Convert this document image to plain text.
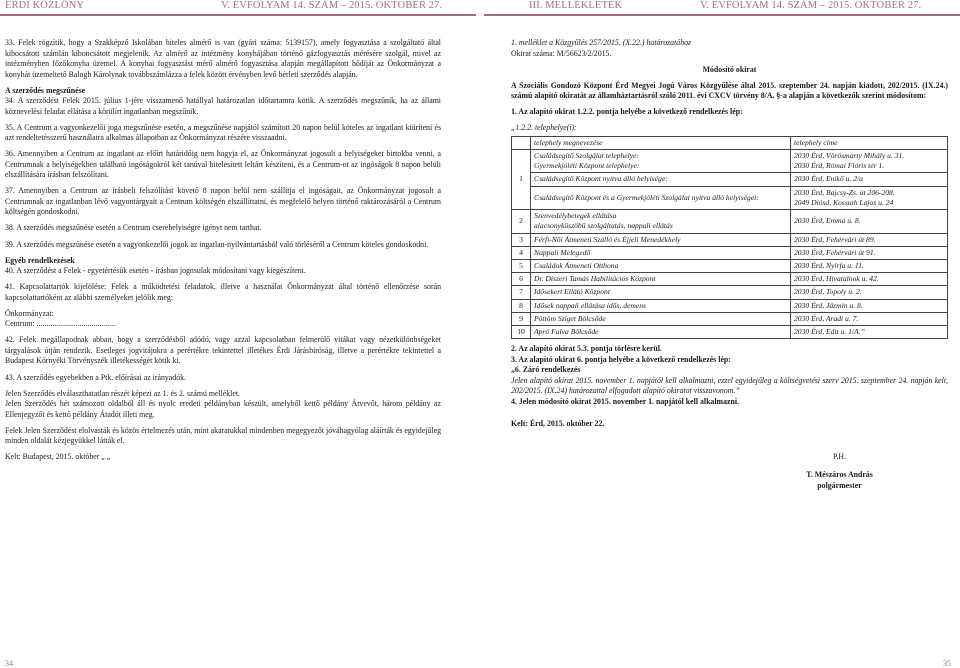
ÉRDI KÖZLÖNY	V. ÉVFOLYAM 14. SZÁM – 2015. OKTÓBER 27.	III. MELLÉKLETEK	V. ÉVFOLYAM 14. SZÁM – 2015. OKTÓBER 27.

33. Felek rögzítik, hogy a Szakképző Iskolában hiteles almérő is van (gyári száma: 5139157), amely fogyasztása a szolgáltató által kibocsátott számlán kiboncsátott megjelenik. Az almérő az intézmény konyhájában történő gázfogyasztás mérésére szolgál, mivel az intézményben főzőkonyha üzemel. A konyhai fogyasztást mérő almérő fogyasztása alapján megállapított hődíját az Önkormányzat a konyhát üzemeltető Balogh Károlynak továbbszámlázza a felek között érvényben levő bérleti szerződés alapján.

A szerződés megszűnése

34. A szerződést Felek 2015. július 1-jére visszamenő hatállyal határozatlan időtartamra kötik. A szerződés megszűnik, ha az állami köznevelési feladat ellátása a körülírt ingatlanban megszűnik.

35. A Centrum a vagyonkezelői joga megszűnése esetén, a megszűnése napjától számított 20 napon belül köteles az ingatlant kiüríteni és azt rendeltetésszerű használatra alkalmas állapotban az Önkormányzat részére visszaadni.

36. Amennyiben a Centrum az ingatlant az előírt határidőig nem hagyja el, az Önkormányzat jogosult a helyiségeket birtokba venni, a Centrumnak a helyiségekben található ingóságokról két tanúval hitelesített leltárt készíteni, és a Centrum-ot az ingóságok 8 napon belüli elszállítására írásban felszólítani.

37. Amennyiben a Centrum az írásbeli felszólítást követő 8 napon belül nem szállítja el ingóságait, az Önkormányzat jogosult a Centrumnak az ingatlanban lévő vagyontárgyait a Centrum költségén elszállíttatni, és megfelelő helyen történő raktározásáról a Centrum költségén gondoskodni.

38. A szerződés megszűnése esetén a Centrum cserehelyiségre igényt nem tarthat.

39. A szerződés megszűnése esetén a vagyonkezelői jogok az ingatlan-nyilvántartásból való törléséről a Centrum köteles gondoskodni.

Egyéb rendelkezések

40. A szerződést a Felek - egyetértésük esetén - írásban jognsulak módosítani vagy kiegészíteni.

41. Kapcsolattartók kijelölése: Felek a működtetési feladatok, illetve a használat Önkormányzat által történő ellenőrzése során kapcsolattartóként az alábbi személyeket jelölik meg:

Önkormányzat:

Centrum: ........................................

42. Felek megállapodnak abban, hogy a szerződésből adódó, vagy azzal kapcsolatban felmerülő vitákat vagy nézetkülönbségeket tárgyalások útján rendezik. Esetleges jogvitájukra a perértékre tekintettel illetékes Érdi Járásbíróság, illetve a perértékre tekintettel a Budapest Környéki Törvényszék illetékességét kötik ki.

43. A szerződés egyebekben a Ptk. előírásai az irányadók.

Jelen Szerződés elválaszthatatlan részét képezi az 1. és 2. számú melléklet.

Jelen Szerződés hét számozott oldalból áll és nyolc eredeti példányban készült, amelyből kettő példány Átvevőt, három példány az Ellenjegyzőt és kettő példány Átadót illeti meg.

Felek Jelen Szerződést elolvasták és közös értelmezés után, mint akaratukkal mindenben megegyezőt jóváhagyólag aláírták és egyidejűleg minden oldalát kézjegyükkel látták el.

Kelt: Budapest, 2015. október „ „

1. melléklet a Közgyűlés 257/2015. (X.22.) határozatához

Okirat száma: M/56623/2/2015.

Módosító okirat

A Szociális Gondozó Központ Érd Megyei Jogú Város Közgyűlése által 2015. szeptember 24. napján kiadott, 202/2015. (IX.24.) számú alapító okiratát az államháztartásról szóló 2011. évi CXCV törvény 8/A. §-a alapján a következők szerint módosítom:

1. Az alapító okirat 1.2.2. pontja helyébe a következő rendelkezés lép:

„1.2.2. telephelye(i):

	telephely megnevezése	telephely címe
1	Családsegítő Szolgálat telephelye:
Gyermekjóléti Központ telephelye:	2030 Érd, Vörösmarty Mihály u. 31.
2030 Érd, Római Flóris tér 1.
	Családsegítő Központ nyitva álló helyisége:	2030 Érd, Enikő u. 2/a
	Családsegítő Központ és a Gyermekjóléti Szolgálat nyitva álló helyiségei:	2030 Érd, Bajcsy-Zs. út 206-208.
2049 Diósd, Kossuth Lajos u. 24
2	Szenvedélybetegek ellátása
alacsonyküszöbű szolgáltatás, nappali ellátás	2030 Érd, Emma u. 8.
3	Férfi-Női Átmeneti Szálló és Éjjeli Menedékhely	2030 Érd, Fehérvári út 89.
4	Nappali Melegedő	2030 Érd, Fehérvári út 91.
5	Családok Átmeneti Otthona	2030 Érd, Nyírfa u. 11.
6	Dr. Diszeri Tamás Habilitációs Központ	2030 Érd, Hivatalnok u. 42.
7	Idősekert Ellátó Központ	2030 Érd, Topoly u. 2.
8	Idősek nappali ellátása idős, demens	2030 Érd, Jázmin u. 8.
9	Pöttöm Sziget Bölcsőde	2030 Érd, Aradi u. 7.
10	Apró Falva Bölcsőde	2030 Érd, Edit u. 1/A.”

2. Az alapító okirat 5.3. pontja törlésre kerül.

3. Az alapító okirat 6. pontja helyébe a következő rendelkezés lép:

„6. Záró rendelkezés

Jelen alapító okirat 2015. november 1. napjától kell alkalmazni, ezzel egyidejűleg a költségvetési szerv 2015. szeptember 24. napján kelt, 202/2015. (IX.24) határozattal elfogadott alapító okiratot visszavonom.”

4. Jelen módosító okirat 2015. november 1. napjától kell alkalmazni.

Kelt: Érd, 2015. október 22.

P.H.

T. Mészáros András

polgármester

34	35
